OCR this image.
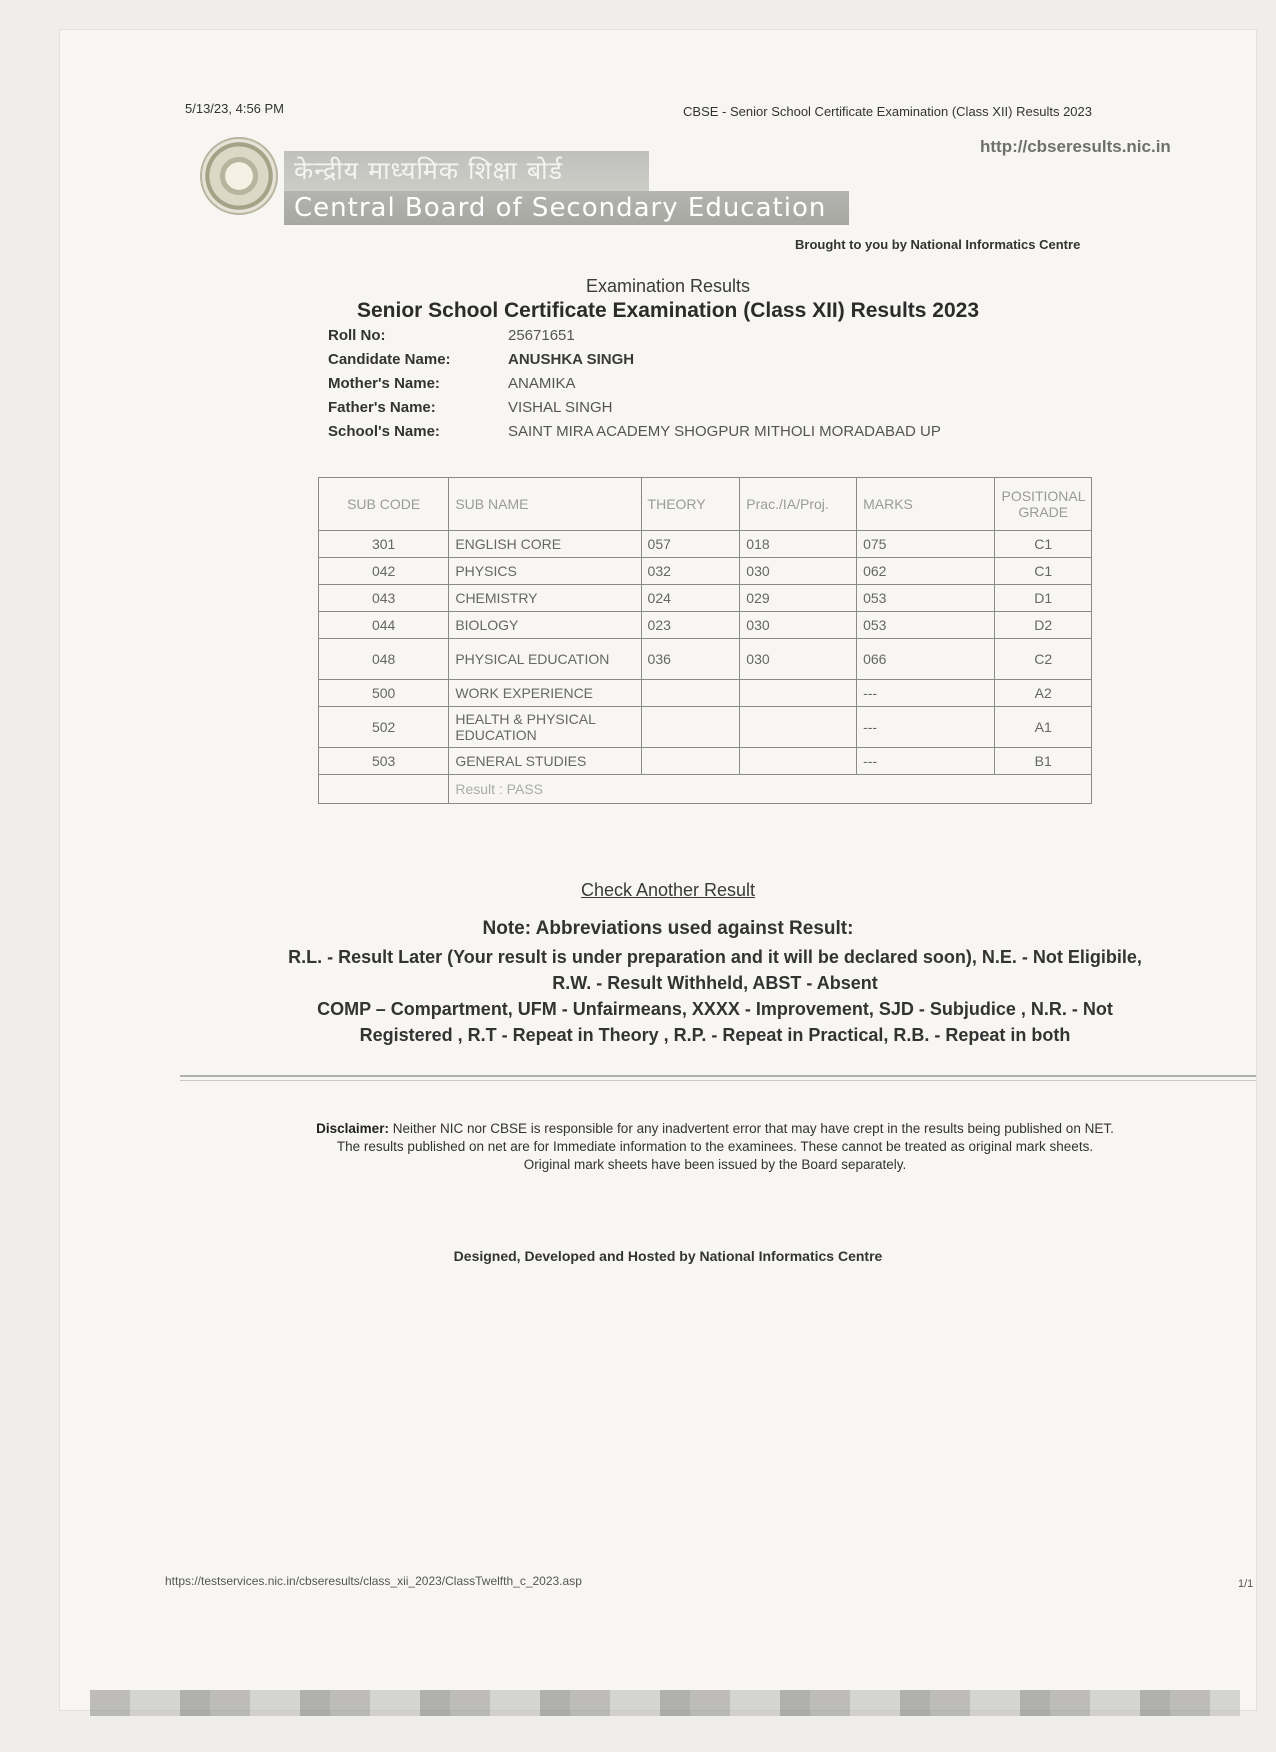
5/13/23, 4:56 PM	CBSE - Senior School Certificate Examination (Class XII) Results 2023
http://cbseresults.nic.in
केन्द्रीय माध्यमिक शिक्षा बोर्ड
Central Board of Secondary Education
Brought to you by National Informatics Centre
Examination Results
Senior School Certificate Examination (Class XII) Results 2023
Roll No:	25671651
Candidate Name:	ANUSHKA SINGH
Mother's Name:	ANAMIKA
Father's Name:	VISHAL SINGH
School's Name:	SAINT MIRA ACADEMY SHOGPUR MITHOLI MORADABAD UP
SUB CODE	SUB NAME	THEORY	Prac./IA/Proj.	MARKS	POSITIONAL GRADE
301	ENGLISH CORE	057	018	075	C1
042	PHYSICS	032	030	062	C1
043	CHEMISTRY	024	029	053	D1
044	BIOLOGY	023	030	053	D2
048	PHYSICAL EDUCATION	036	030	066	C2
500	WORK EXPERIENCE			---	A2
502	HEALTH & PHYSICAL EDUCATION			---	A1
503	GENERAL STUDIES			---	B1
	Result : PASS				
Check Another Result
Note: Abbreviations used against Result:
R.L. - Result Later (Your result is under preparation and it will be declared soon), N.E. - Not Eligibile,
R.W. - Result Withheld, ABST - Absent
COMP – Compartment, UFM - Unfairmeans, XXXX - Improvement, SJD - Subjudice , N.R. - Not
Registered , R.T - Repeat in Theory , R.P. - Repeat in Practical, R.B. - Repeat in both
Disclaimer: Neither NIC nor CBSE is responsible for any inadvertent error that may have crept in the results being published on NET. The results published on net are for Immediate information to the examinees. These cannot be treated as original mark sheets. Original mark sheets have been issued by the Board separately.
Designed, Developed and Hosted by National Informatics Centre
https://testservices.nic.in/cbseresults/class_xii_2023/ClassTwelfth_c_2023.asp	1/1
